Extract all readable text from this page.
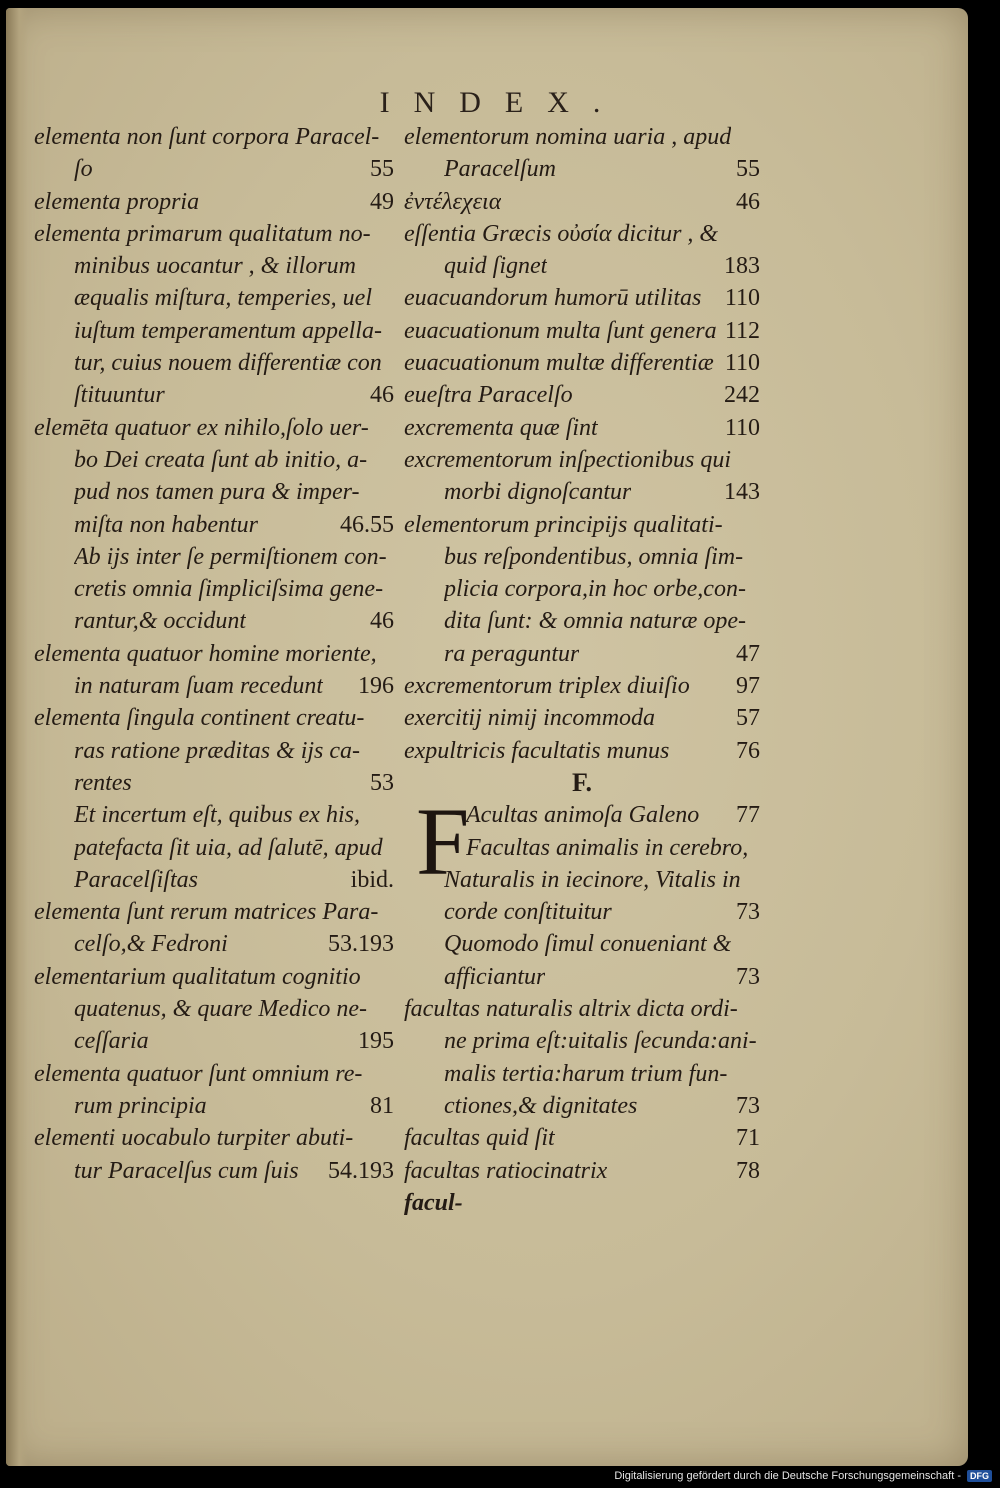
INDEX.
elementa non ſunt corpora Paracel-
ſo	55
elementa propria	49
elementa primarum qualitatum no-
minibus uocantur , & illorum
æqualis miſtura, temperies, uel
iuſtum temperamentum appella-
tur, cuius nouem differentiæ con
ſtituuntur	46
elemēta quatuor ex nihilo,ſolo uer-
bo Dei creata ſunt ab initio, a-
pud nos tamen pura & imper-
miſta non habentur	46.55
Ab ijs inter ſe permiſtionem con-
cretis omnia ſimpliciſsima gene-
rantur,& occidunt	46
elementa quatuor homine moriente,
in naturam ſuam recedunt	196
elementa ſingula continent creatu-
ras ratione præditas & ijs ca-
rentes	53
Et incertum eſt, quibus ex his,
patefacta ſit uia, ad ſalutē, apud
Paracelſiſtas	ibid.
elementa ſunt rerum matrices Para-
celſo,& Fedroni	53.193
elementarium qualitatum cognitio
quatenus, & quare Medico ne-
ceſſaria	195
elementa quatuor ſunt omnium re-
rum principia	81
elementi uocabulo turpiter abuti-
tur Paracelſus cum ſuis	54.193
elementorum nomina uaria , apud
Paracelſum	55
ἐντέλεχεια	46
eſſentia Græcis οὐσία dicitur , &
quid ſignet	183
euacuandorum humorū utilitas 110
euacuationum multa ſunt genera 112
euacuationum multæ differentiæ 110
eueſtra Paracelſo	242
excrementa quæ ſint	110
excrementorum inſpectionibus qui
morbi dignoſcantur	143
elementorum principijs qualitati-
bus reſpondentibus, omnia ſim-
plicia corpora,in hoc orbe,con-
dita ſunt: & omnia naturæ ope-
ra peraguntur	47
excrementorum triplex diuiſio	97
exercitij nimij incommoda	57
expultricis facultatis munus	76
F.
F
Acultas animoſa Galeno	77
Facultas animalis in cerebro,
Naturalis in iecinore, Vitalis in
corde conſtituitur	73
Quomodo ſimul conueniant &
afficiantur	73
facultas naturalis altrix dicta ordi-
ne prima eſt:uitalis ſecunda:ani-
malis tertia:harum trium fun-
ctiones,& dignitates	73
facultas quid ſit	71
facultas ratiocinatrix	78
facul-
Digitalisierung gefördert durch die Deutsche Forschungsgemeinschaft -	DFG
